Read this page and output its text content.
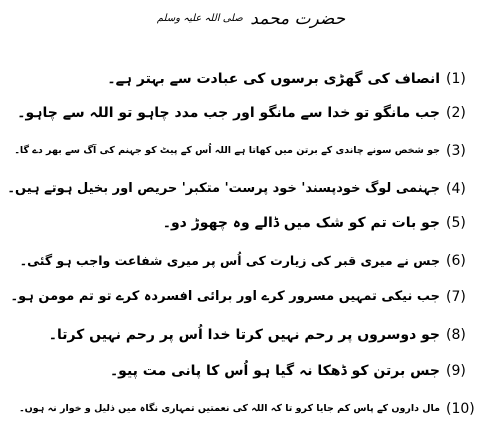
حضرت محمد صلی اللہ علیہ وسلم
انصاف کی گھڑی برسوں کی عبادت سے بہتر ہے۔ (1)
جب مانگو تو خدا سے مانگو اور جب مدد چاہو تو اللہ سے چاہو۔ (2)
جو شخص سونے چاندی کے برتن میں کھاتا ہے اللہ اُس کے پیٹ کو جہنم کی آگ سے بھر دے گا۔ (3)
جہنمی لوگ خودپسند' خود پرست' متکبر' حریص اور بخیل ہوتے ہیں۔ (4)
جو بات تم کو شک میں ڈالے وہ چھوڑ دو۔ (5)
جس نے میری قبر کی زیارت کی اُس پر میری شفاعت واجب ہو گئی۔ (6)
جب نیکی تمہیں مسرور کرے اور برائی افسردہ کرے تو تم مومن ہو۔ (7)
جو دوسروں پر رحم نہیں کرتا خدا اُس پر رحم نہیں کرتا۔ (8)
جس برتن کو ڈھکا نہ گیا ہو اُس کا پانی مت پیو۔ (9)
مال داروں کے پاس کم جایا کرو تا کہ اللہ کی نعمتیں تمہاری نگاہ میں ذلیل و خوار نہ ہوں۔ (10)
